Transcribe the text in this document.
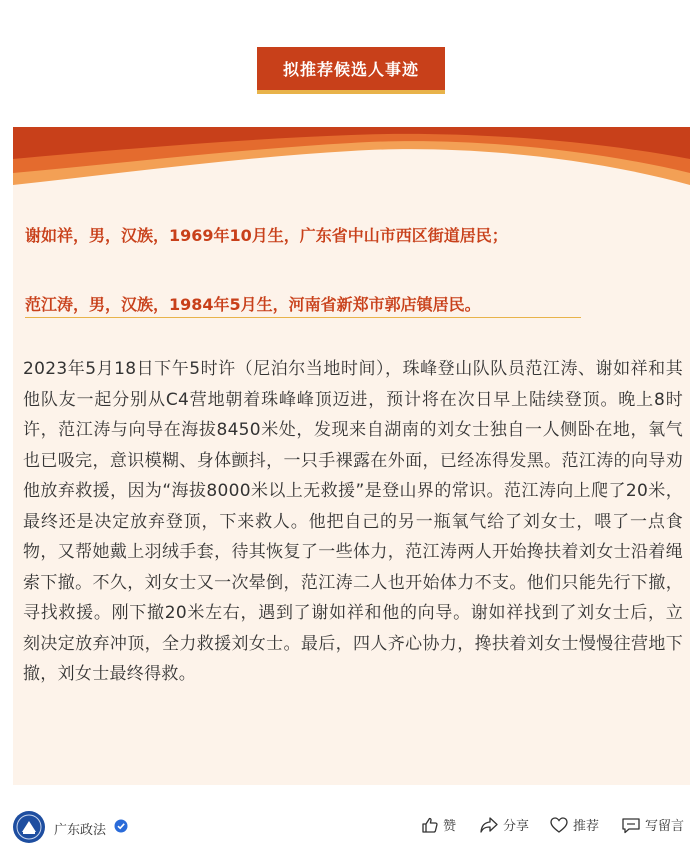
拟推荐候选人事迹
谢如祥，男，汉族，1969年10月生，广东省中山市西区街道居民；
范江涛，男，汉族，1984年5月生，河南省新郑市郭店镇居民。

2023年5月18日下午5时许（尼泊尔当地时间），珠峰登山队队员范江涛、谢如祥和其他队友一起分别从C4营地朝着珠峰峰顶迈进，预计将在次日早上陆续登顶。晚上8时许，范江涛与向导在海拔8450米处，发现来自湖南的刘女士独自一人侧卧在地，氧气也已吸完，意识模糊、身体颤抖，一只手裸露在外面，已经冻得发黑。范江涛的向导劝他放弃救援，因为“海拔8000米以上无救援”是登山界的常识。范江涛向上爬了20米，最终还是决定放弃登顶，下来救人。他把自己的另一瓶氧气给了刘女士，喂了一点食物，又帮她戴上羽绒手套，待其恢复了一些体力，范江涛两人开始搀扶着刘女士沿着绳索下撤。不久，刘女士又一次晕倒，范江涛二人也开始体力不支。他们只能先行下撤，寻找救援。刚下撤20米左右，遇到了谢如祥和他的向导。谢如祥找到了刘女士后，立刻决定放弃冲顶，全力救援刘女士。最后，四人齐心协力，搀扶着刘女士慢慢往营地下撤，刘女士最终得救。

广东政法	赞	分享	推荐	写留言
